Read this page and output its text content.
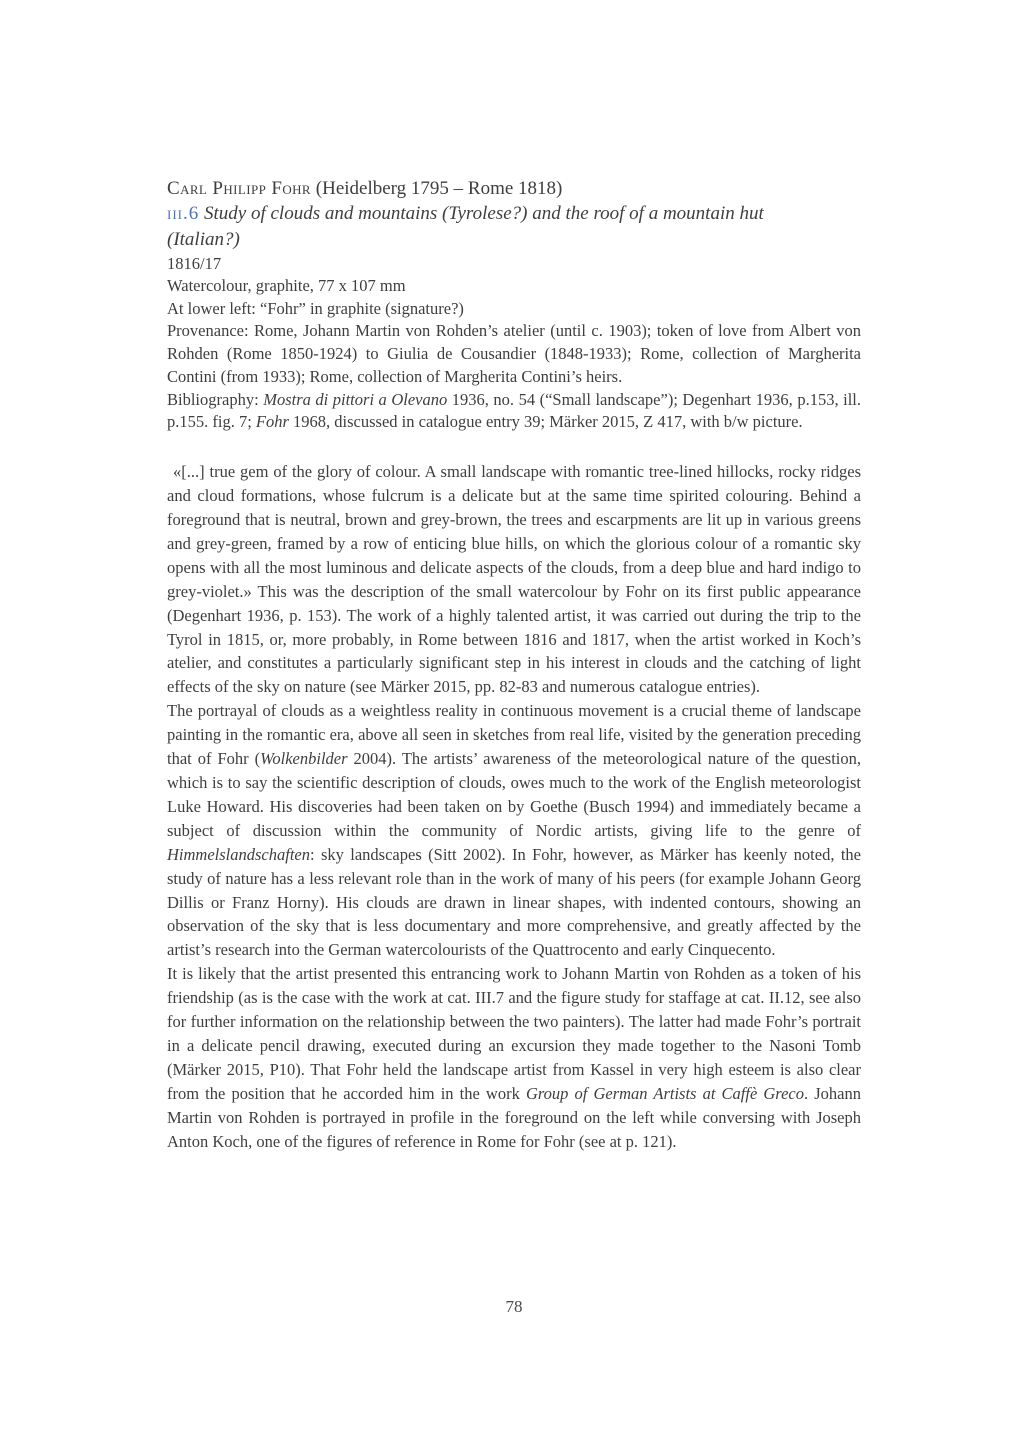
Carl Philipp Fohr (Heidelberg 1795 – Rome 1818)
iii.6 Study of clouds and mountains (Tyrolese?) and the roof of a mountain hut (Italian?)
1816/17
Watercolour, graphite, 77 x 107 mm
At lower left: “Fohr” in graphite (signature?)
Provenance: Rome, Johann Martin von Rohden’s atelier (until c. 1903); token of love from Albert von Rohden (Rome 1850-1924) to Giulia de Cousandier (1848-1933); Rome, collection of Margherita Contini (from 1933); Rome, collection of Margherita Contini’s heirs.
Bibliography: Mostra di pittori a Olevano 1936, no. 54 (“Small landscape”); Degenhart 1936, p.153, ill. p.155. fig. 7; Fohr 1968, discussed in catalogue entry 39; Märker 2015, Z 417, with b/w picture.

«[...] true gem of the glory of colour. A small landscape with romantic tree-lined hillocks, rocky ridges and cloud formations, whose fulcrum is a delicate but at the same time spirited colouring. Behind a foreground that is neutral, brown and grey-brown, the trees and escarpments are lit up in various greens and grey-green, framed by a row of enticing blue hills, on which the glorious colour of a romantic sky opens with all the most luminous and delicate aspects of the clouds, from a deep blue and hard indigo to grey-violet.» This was the description of the small watercolour by Fohr on its first public appearance (Degenhart 1936, p. 153). The work of a highly talented artist, it was carried out during the trip to the Tyrol in 1815, or, more probably, in Rome between 1816 and 1817, when the artist worked in Koch’s atelier, and constitutes a particularly significant step in his interest in clouds and the catching of light effects of the sky on nature (see Märker 2015, pp. 82-83 and numerous catalogue entries).

The portrayal of clouds as a weightless reality in continuous movement is a crucial theme of landscape painting in the romantic era, above all seen in sketches from real life, visited by the generation preceding that of Fohr (Wolkenbilder 2004). The artists’ awareness of the meteorological nature of the question, which is to say the scientific description of clouds, owes much to the work of the English meteorologist Luke Howard. His discoveries had been taken on by Goethe (Busch 1994) and immediately became a subject of discussion within the community of Nordic artists, giving life to the genre of Himmelslandschaften: sky landscapes (Sitt 2002). In Fohr, however, as Märker has keenly noted, the study of nature has a less relevant role than in the work of many of his peers (for example Johann Georg Dillis or Franz Horny). His clouds are drawn in linear shapes, with indented contours, showing an observation of the sky that is less documentary and more comprehensive, and greatly affected by the artist’s research into the German watercolourists of the Quattrocento and early Cinquecento.

It is likely that the artist presented this entrancing work to Johann Martin von Rohden as a token of his friendship (as is the case with the work at cat. III.7 and the figure study for staffage at cat. II.12, see also for further information on the relationship between the two painters). The latter had made Fohr’s portrait in a delicate pencil drawing, executed during an excursion they made together to the Nasoni Tomb (Märker 2015, P10). That Fohr held the landscape artist from Kassel in very high esteem is also clear from the position that he accorded him in the work Group of German Artists at Caffè Greco. Johann Martin von Rohden is portrayed in profile in the foreground on the left while conversing with Joseph Anton Koch, one of the figures of reference in Rome for Fohr (see at p. 121).

78
